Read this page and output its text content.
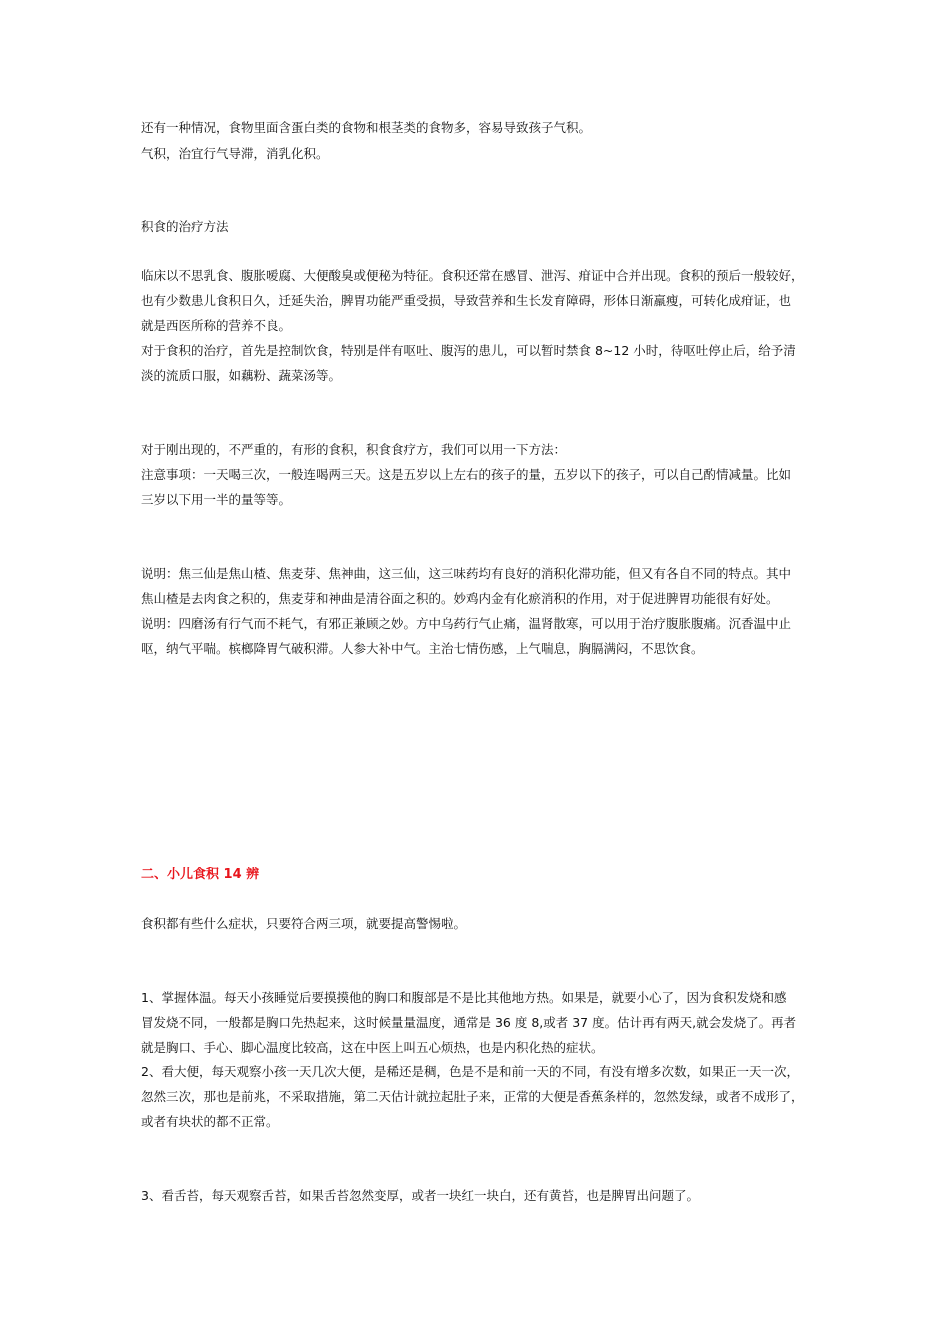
还有一种情况，食物里面含蛋白类的食物和根茎类的食物多，容易导致孩子气积。
气积，治宜行气导滞，消乳化积。
积食的治疗方法
临床以不思乳食、腹胀嗳腐、大便酸臭或便秘为特征。食积还常在感冒、泄泻、疳证中合并出现。食积的预后一般较好，
也有少数患儿食积日久，迁延失治，脾胃功能严重受损，导致营养和生长发育障碍，形体日渐羸瘦，可转化成疳证，也
就是西医所称的营养不良。
对于食积的治疗，首先是控制饮食，特别是伴有呕吐、腹泻的患儿，可以暂时禁食 8~12 小时，待呕吐停止后，给予清
淡的流质口服，如藕粉、蔬菜汤等。
对于刚出现的，不严重的，有形的食积，积食食疗方，我们可以用一下方法：
注意事项：一天喝三次，一般连喝两三天。这是五岁以上左右的孩子的量，五岁以下的孩子，可以自己酌情减量。比如
三岁以下用一半的量等等。
说明：焦三仙是焦山楂、焦麦芽、焦神曲，这三仙，这三味药均有良好的消积化滞功能，但又有各自不同的特点。其中
焦山楂是去肉食之积的，焦麦芽和神曲是清谷面之积的。妙鸡内金有化瘀消积的作用，对于促进脾胃功能很有好处。
说明：四磨汤有行气而不耗气，有邪正兼顾之妙。方中乌药行气止痛，温肾散寒，可以用于治疗腹胀腹痛。沉香温中止
呕，纳气平喘。槟榔降胃气破积滞。人参大补中气。主治七情伤感，上气喘息，胸膈满闷，不思饮食。
二、小儿食积 14 辨
食积都有些什么症状，只要符合两三项，就要提高警惕啦。
1、掌握体温。每天小孩睡觉后要摸摸他的胸口和腹部是不是比其他地方热。如果是，就要小心了，因为食积发烧和感
冒发烧不同，一般都是胸口先热起来，这时候量量温度，通常是 36 度 8,或者 37 度。估计再有两天,就会发烧了。再者
就是胸口、手心、脚心温度比较高，这在中医上叫五心烦热，也是内积化热的症状。
2、看大便，每天观察小孩一天几次大便，是稀还是稠，色是不是和前一天的不同，有没有增多次数，如果正一天一次，
忽然三次，那也是前兆，不采取措施，第二天估计就拉起肚子来，正常的大便是香蕉条样的，忽然发绿，或者不成形了，
或者有块状的都不正常。
3、看舌苔，每天观察舌苔，如果舌苔忽然变厚，或者一块红一块白，还有黄苔，也是脾胃出问题了。
